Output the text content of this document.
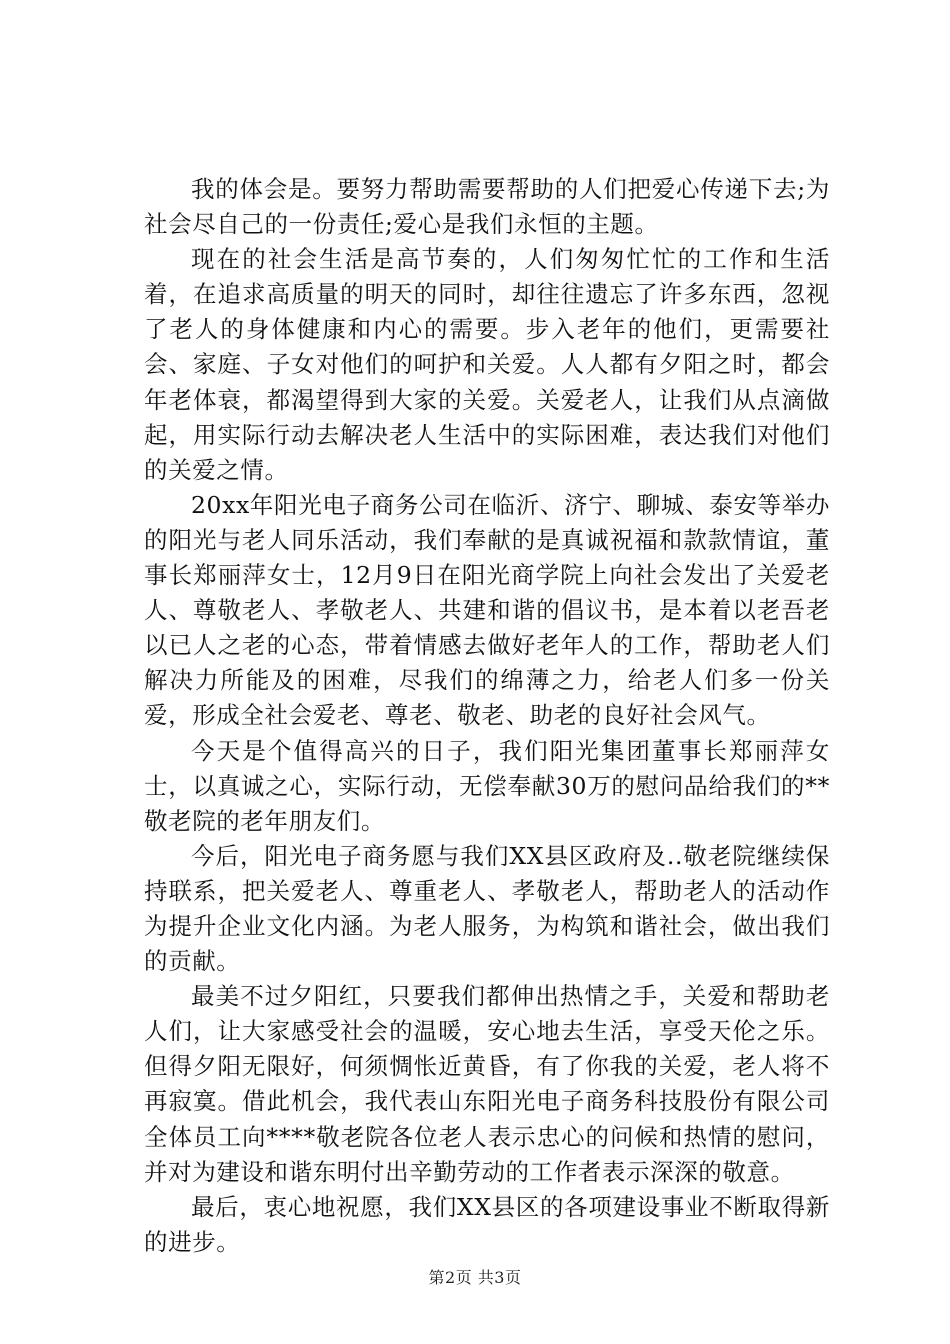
我的体会是。要努力帮助需要帮助的人们把爱心传递下去;为社会尽自己的一份责任;爱心是我们永恒的主题。

现在的社会生活是高节奏的，人们匆匆忙忙的工作和生活着，在追求高质量的明天的同时，却往往遗忘了许多东西，忽视了老人的身体健康和内心的需要。步入老年的他们，更需要社会、家庭、子女对他们的呵护和关爱。人人都有夕阳之时，都会年老体衰，都渴望得到大家的关爱。关爱老人，让我们从点滴做起，用实际行动去解决老人生活中的实际困难，表达我们对他们的关爱之情。

20xx年阳光电子商务公司在临沂、济宁、聊城、泰安等举办的阳光与老人同乐活动，我们奉献的是真诚祝福和款款情谊，董事长郑丽萍女士，12月9日在阳光商学院上向社会发出了关爱老人、尊敬老人、孝敬老人、共建和谐的倡议书，是本着以老吾老以已人之老的心态，带着情感去做好老年人的工作，帮助老人们解决力所能及的困难，尽我们的绵薄之力，给老人们多一份关爱，形成全社会爱老、尊老、敬老、助老的良好社会风气。

今天是个值得高兴的日子，我们阳光集团董事长郑丽萍女士，以真诚之心，实际行动，无偿奉献30万的慰问品给我们的**敬老院的老年朋友们。

今后，阳光电子商务愿与我们XX县区政府及..敬老院继续保持联系，把关爱老人、尊重老人、孝敬老人，帮助老人的活动作为提升企业文化内涵。为老人服务，为构筑和谐社会，做出我们的贡献。

最美不过夕阳红，只要我们都伸出热情之手，关爱和帮助老人们，让大家感受社会的温暖，安心地去生活，享受天伦之乐。但得夕阳无限好，何须惆怅近黄昏，有了你我的关爱，老人将不再寂寞。借此机会，我代表山东阳光电子商务科技股份有限公司全体员工向****敬老院各位老人表示忠心的问候和热情的慰问，并对为建设和谐东明付出辛勤劳动的工作者表示深深的敬意。

最后，衷心地祝愿，我们XX县区的各项建设事业不断取得新的进步。

第2页 共3页
